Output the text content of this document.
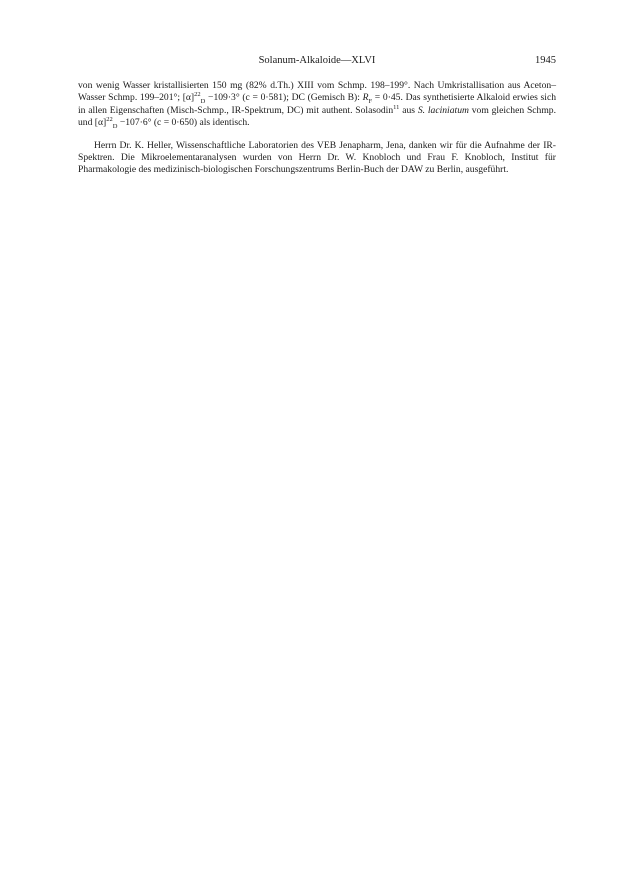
Solanum-Alkaloide—XLVI	1945

von wenig Wasser kristallisierten 150 mg (82% d.Th.) XIII vom Schmp. 198–199°. Nach Umkristallisation aus Aceton–Wasser Schmp. 199–201°; $[\alpha]^{22}_D -109\cdot 3^\circ$ (c = 0·581); DC (Gemisch B): $R_F = 0\cdot 45$. Das synthetisierte Alkaloid erwies sich in allen Eigenschaften (Misch-Schmp., IR-Spektrum, DC) mit authent. Solasodin$^{11}$ aus S. laciniatum vom gleichen Schmp. und $[\alpha]^{22}_D -107\cdot 6^\circ$ (c = 0·650) als identisch.

Herrn Dr. K. Heller, Wissenschaftliche Laboratorien des VEB Jenapharm, Jena, danken wir für die Aufnahme der IR-Spektren. Die Mikroelementaranalysen wurden von Herrn Dr. W. Knobloch und Frau F. Knobloch, Institut für Pharmakologie des medizinisch-biologischen Forschungszentrums Berlin-Buch der DAW zu Berlin, ausgeführt.
